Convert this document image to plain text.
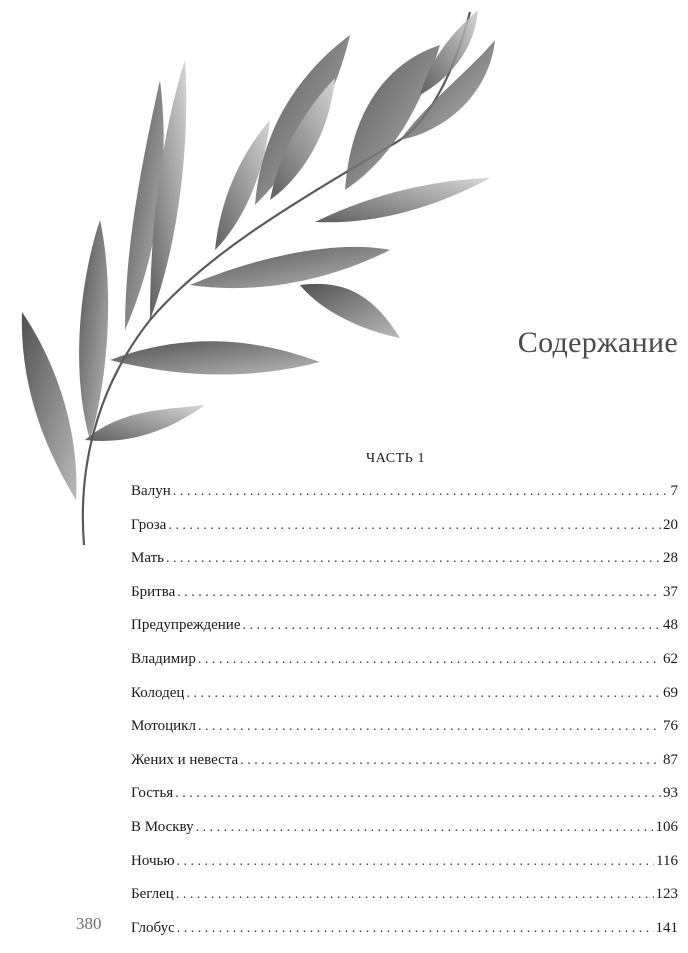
Содержание
ЧАСТЬ 1
Валун . . .	7
Гроза . . .	20
Мать . . .	28
Бритва . . .	37
Предупреждение . . .	48
Владимир . . .	62
Колодец . . .	69
Мотоцикл . . .	76
Жених и невеста . . .	87
Гостья . . .	93
В Москву . . .	106
Ночью . . .	116
Беглец . . .	123
Глобус . . .	141
380
